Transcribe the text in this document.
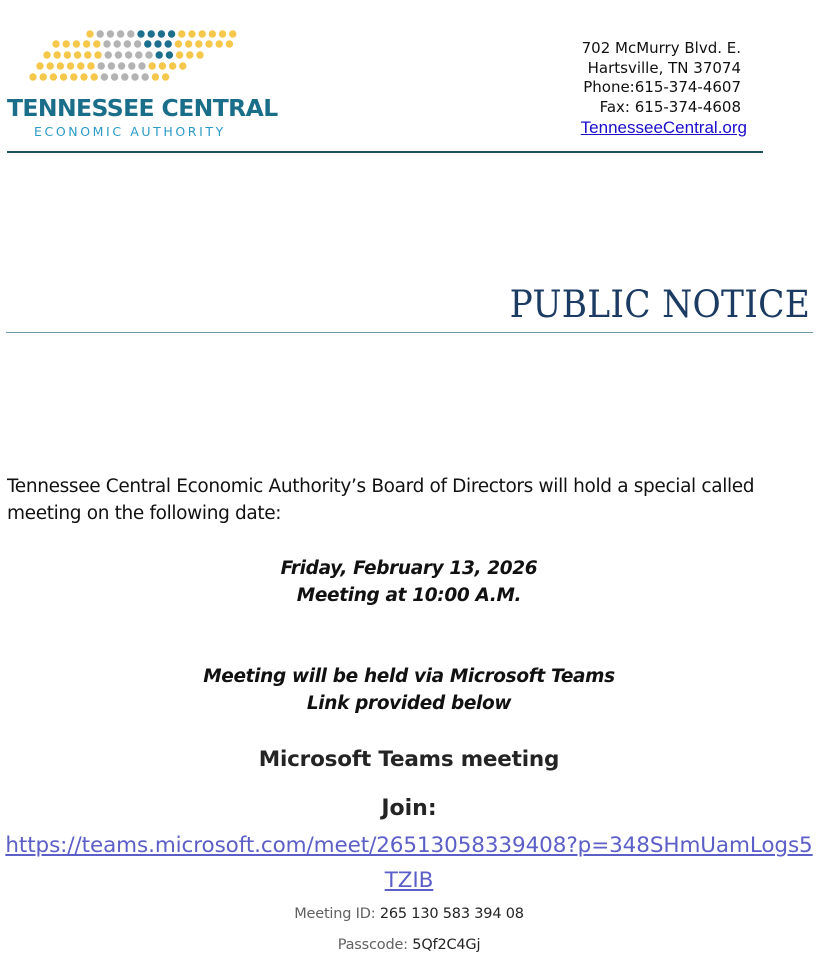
TENNESSEE CENTRAL
ECONOMIC AUTHORITY
702 McMurry Blvd. E.
Hartsville, TN 37074
Phone:615-374-4607
Fax: 615-374-4608
TennesseeCentral.org
PUBLIC NOTICE
Tennessee Central Economic Authority’s Board of Directors will hold a special called
meeting on the following date:
Friday, February 13, 2026
Meeting at 10:00 A.M.
Meeting will be held via Microsoft Teams
Link provided below
Microsoft Teams meeting
Join:
https://teams.microsoft.com/meet/26513058339408?p=348SHmUamLogs5
TZIB
Meeting ID: 265 130 583 394 08
Passcode: 5Qf2C4Gj
